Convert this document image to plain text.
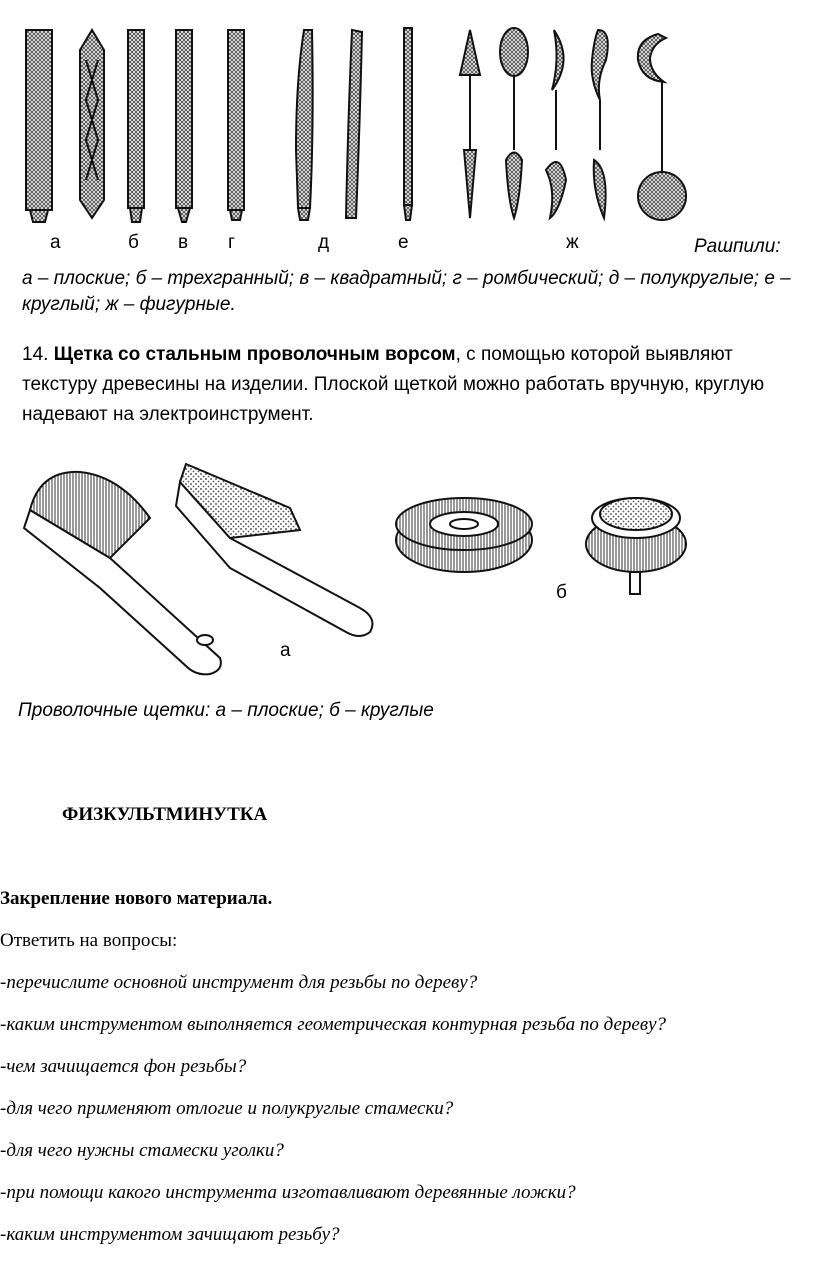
а	б в г	д	е	ж	Рашпили:
а – плоские; б – трехгранный; в – квадратный; г – ромбический; д – полукруглые; е –
круглый; ж – фигурные.
14. Щетка со стальным проволочным ворсом, с помощью которой выявляют
текстуру древесины на изделии. Плоской щеткой можно работать вручную, круглую
надевают на электроинструмент.
а
б
Проволочные щетки: а – плоские; б – круглые
ФИЗКУЛЬТМИНУТКА
Закрепление нового материала.
Ответить на вопросы:
-перечислите основной инструмент для резьбы по дереву?
-каким инструментом выполняется геометрическая контурная резьба по дереву?
-чем зачищается фон резьбы?
-для чего применяют отлогие и полукруглые стамески?
-для чего нужны стамески уголки?
-при помощи какого инструмента изготавливают деревянные ложки?
-каким инструментом зачищают резьбу?
